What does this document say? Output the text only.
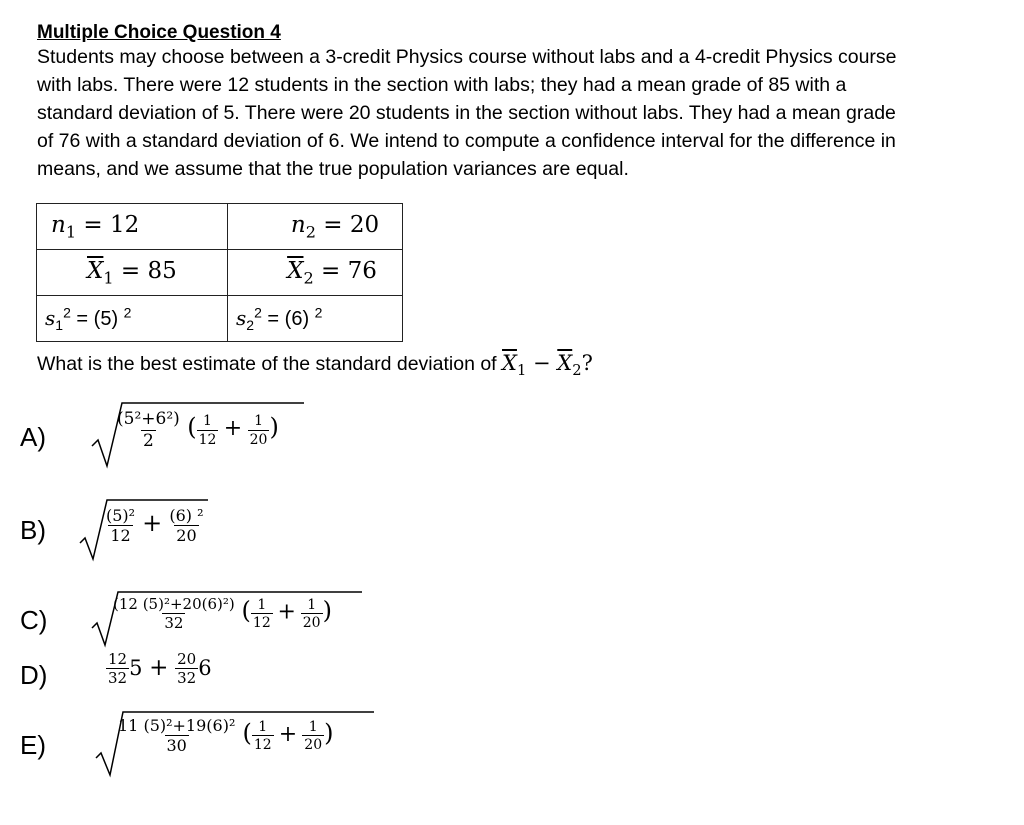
Multiple Choice Question 4
Students may choose between a 3-credit Physics course without labs and a 4-credit Physics course
with labs. There were 12 students in the section with labs; they had a mean grade of 85 with a
standard deviation of 5. There were 20 students in the section without labs. They had a mean grade
of 76 with a standard deviation of 6. We intend to compute a confidence interval for the difference in
means, and we assume that the true population variances are equal.
$n_1 = 12$	$n_2 = 20$
$\overline{X}_1 = 85$	$\overline{X}_2 = 76$
$s_1^2 = (5)$ $^2$	$s_2^2 = (6)$ $^2$
What is the best estimate of the standard deviation of $\overline{X}_1 - \overline{X}_2$?
A)
B)
C)
D)
E)
$\frac{\text{(5²+6²)}}{2}$ ( $\frac{1}{12} + \frac{1}{20}$ )
$\frac{\text{(5)²}}{12} + \frac{\text{(6) ²}}{20}$
$\frac{\text{(12 (5)²+20(6)²)}}{32}$ ( $\frac{1}{12} + \frac{1}{20}$ )
$\frac{12}{32} 5 + \frac{20}{32} 6$
$\frac{\text{11 (5)²+19(6)²}}{30}$ ( $\frac{1}{12} + \frac{1}{20}$ )
